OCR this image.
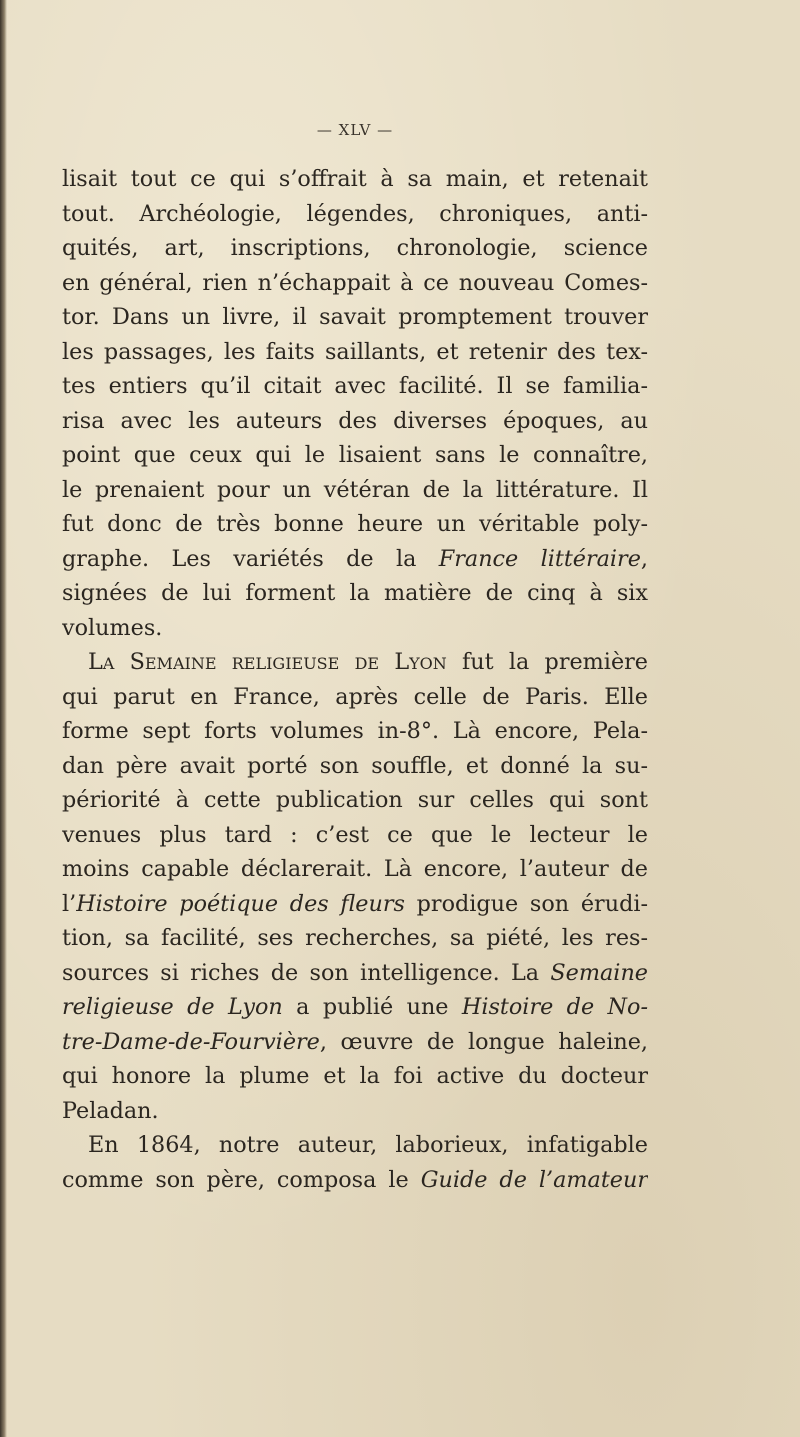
— XLV —
lisait tout ce qui s’offrait à sa main, et retenait
tout. Archéologie, légendes, chroniques, anti-
quités, art, inscriptions, chronologie, science
en général, rien n’échappait à ce nouveau Comes-
tor. Dans un livre, il savait promptement trouver
les passages, les faits saillants, et retenir des tex-
tes entiers qu’il citait avec facilité. Il se familia-
risa avec les auteurs des diverses époques, au
point que ceux qui le lisaient sans le connaître,
le prenaient pour un vétéran de la littérature. Il
fut donc de très bonne heure un véritable poly-
graphe. Les variétés de la France littéraire,
signées de lui forment la matière de cinq à six
volumes.
La Semaine religieuse de Lyon fut la première
qui parut en France, après celle de Paris. Elle
forme sept forts volumes in-8°. Là encore, Pela-
dan père avait porté son souffle, et donné la su-
périorité à cette publication sur celles qui sont
venues plus tard : c’est ce que le lecteur le
moins capable déclarerait. Là encore, l’auteur de
l’Histoire poétique des fleurs prodigue son érudi-
tion, sa facilité, ses recherches, sa piété, les res-
sources si riches de son intelligence. La Semaine
religieuse de Lyon a publié une Histoire de No-
tre-Dame-de-Fourvière, œuvre de longue haleine,
qui honore la plume et la foi active du docteur
Peladan.
En 1864, notre auteur, laborieux, infatigable
comme son père, composa le Guide de l’amateur
